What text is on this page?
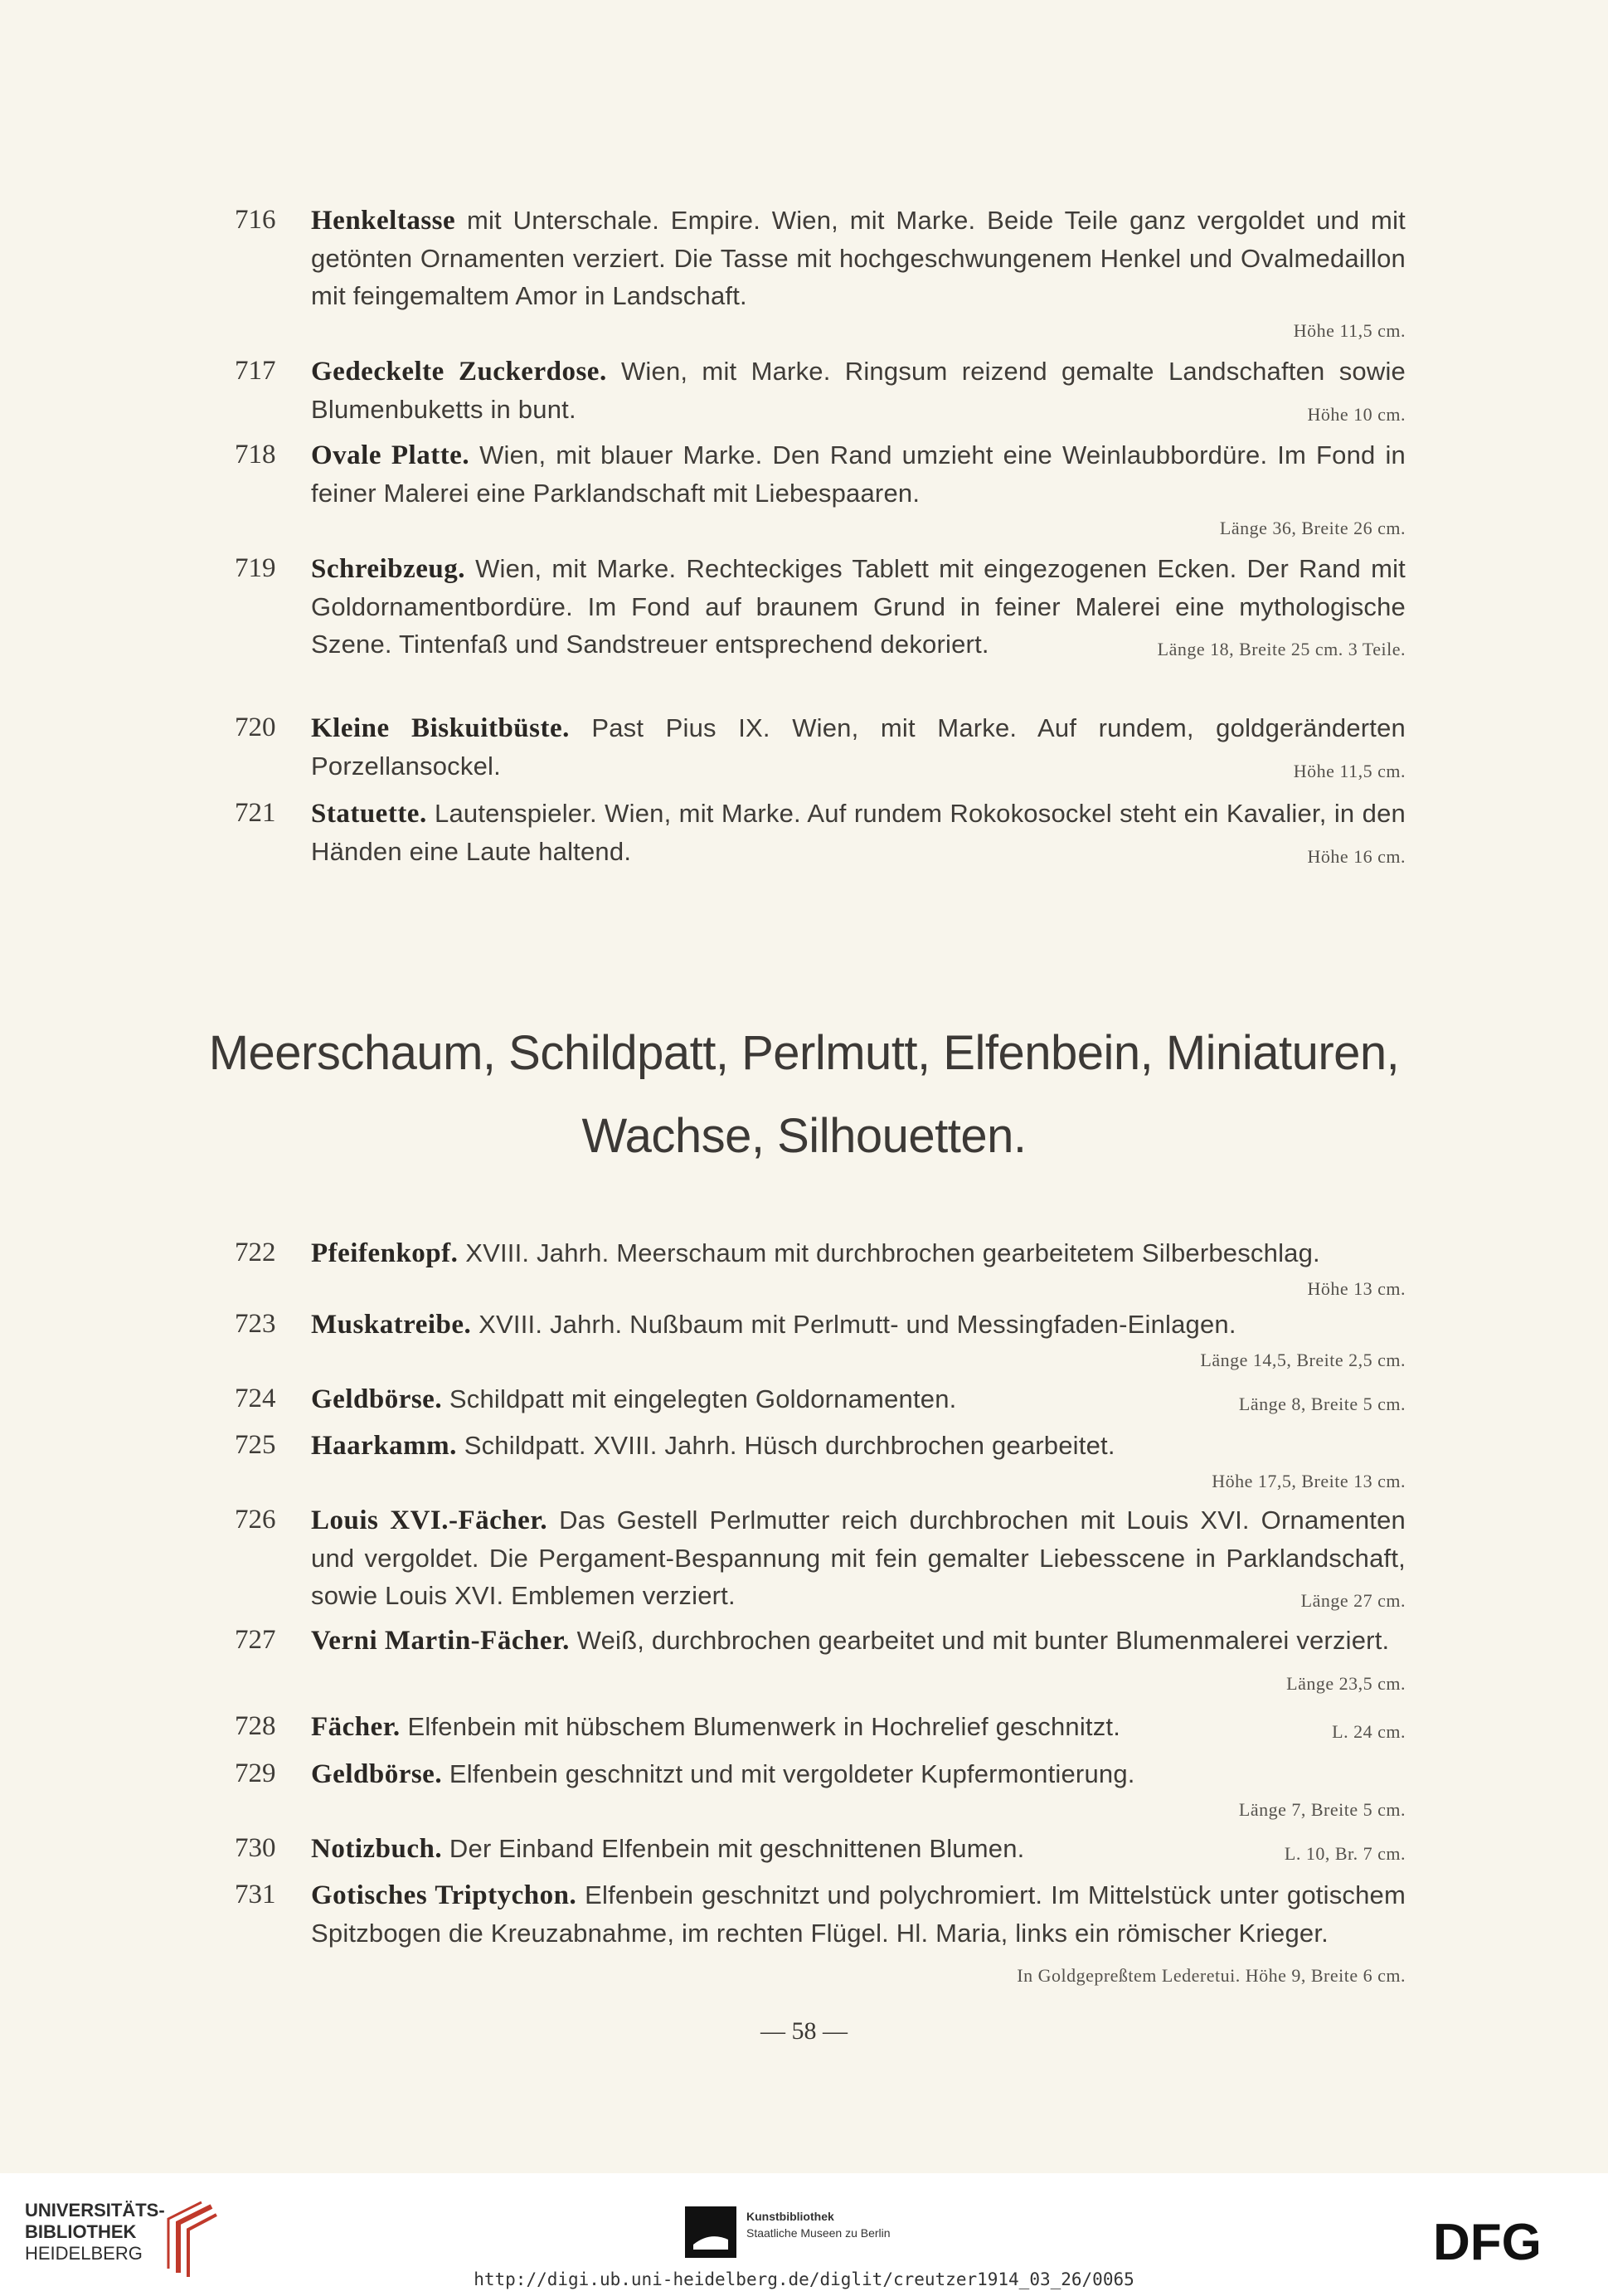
716	Henkeltasse mit Unterschale. Empire. Wien, mit Marke. Beide Teile ganz vergoldet und mit getönten Ornamenten verziert. Die Tasse mit hochgeschwungenem Henkel und Ovalmedaillon mit feingemaltem Amor in Landschaft.
Höhe 11,5 cm.
717	Gedeckelte Zuckerdose. Wien, mit Marke. Ringsum reizend gemalte Landschaften sowie Blumenbuketts in bunt.	Höhe 10 cm.
718	Ovale Platte. Wien, mit blauer Marke. Den Rand umzieht eine Weinlaubbordüre. Im Fond in feiner Malerei eine Parklandschaft mit Liebespaaren.
Länge 36, Breite 26 cm.
719	Schreibzeug. Wien, mit Marke. Rechteckiges Tablett mit eingezogenen Ecken. Der Rand mit Goldornamentbordüre. Im Fond auf braunem Grund in feiner Malerei eine mythologische Szene. Tintenfaß und Sandstreuer entsprechend dekoriert.	Länge 18, Breite 25 cm. 3 Teile.
720	Kleine Biskuitbüste. Past Pius IX. Wien, mit Marke. Auf rundem, goldgeränderten Porzellansockel.	Höhe 11,5 cm.
721	Statuette. Lautenspieler. Wien, mit Marke. Auf rundem Rokokosockel steht ein Kavalier, in den Händen eine Laute haltend.	Höhe 16 cm.
Meerschaum, Schildpatt, Perlmutt, Elfenbein, Miniaturen,
Wachse, Silhouetten.
722	Pfeifenkopf. XVIII. Jahrh. Meerschaum mit durchbrochen gearbeitetem Silberbeschlag.
Höhe 13 cm.
723	Muskatreibe. XVIII. Jahrh. Nußbaum mit Perlmutt- und Messingfaden-Einlagen.
Länge 14,5, Breite 2,5 cm.
724	Geldbörse. Schildpatt mit eingelegten Goldornamenten.	Länge 8, Breite 5 cm.
725	Haarkamm. Schildpatt. XVIII. Jahrh. Hüsch durchbrochen gearbeitet.
Höhe 17,5, Breite 13 cm.
726	Louis XVI.-Fächer. Das Gestell Perlmutter reich durchbrochen mit Louis XVI. Ornamenten und vergoldet. Die Pergament-Bespannung mit fein gemalter Liebesscene in Parklandschaft, sowie Louis XVI. Emblemen verziert.	Länge 27 cm.
727	Verni Martin-Fächer. Weiß, durchbrochen gearbeitet und mit bunter Blumenmalerei verziert.
Länge 23,5 cm.
728	Fächer. Elfenbein mit hübschem Blumenwerk in Hochrelief geschnitzt.	L. 24 cm.
729	Geldbörse. Elfenbein geschnitzt und mit vergoldeter Kupfermontierung.
Länge 7, Breite 5 cm.
730	Notizbuch. Der Einband Elfenbein mit geschnittenen Blumen.	L. 10, Br. 7 cm.
731	Gotisches Triptychon. Elfenbein geschnitzt und polychromiert. Im Mittelstück unter gotischem Spitzbogen die Kreuzabnahme, im rechten Flügel. Hl. Maria, links ein römischer Krieger.
In Goldgepreßtem Lederetui. Höhe 9, Breite 6 cm.
— 58 —
UNIVERSITÄTS-
BIBLIOTHEK
HEIDELBERG
Kunstbibliothek
Staatliche Museen zu Berlin	DFG
http://digi.ub.uni-heidelberg.de/diglit/creutzer1914_03_26/0065
